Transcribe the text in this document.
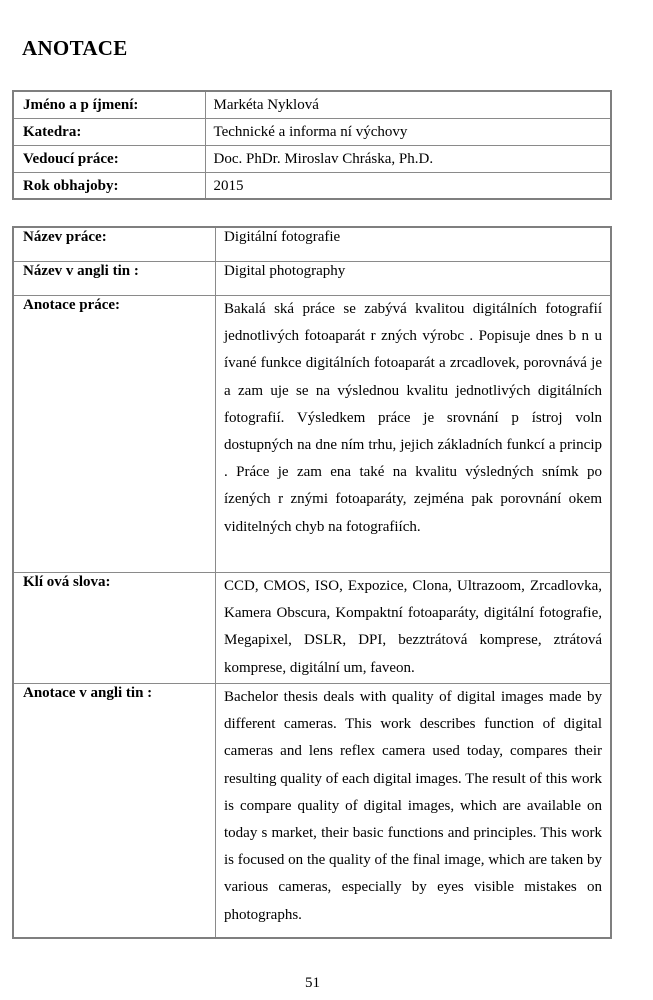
ANOTACE
Jméno a p íjmení:	Markéta Nyklová
Katedra:	Technické a informa ní výchovy
Vedoucí práce:	Doc. PhDr. Miroslav Chráska, Ph.D.
Rok obhajoby:	2015
Název práce:	Digitální fotografie
Název v angli tin :	Digital photography
Anotace práce:	Bakalá ská práce se zabývá kvalitou digitálních fotografií jednotlivých fotoaparát r zných výrobc . Popisuje dnes b n u ívané funkce digitálních fotoaparát a zrcadlovek, porovnává je a zam uje se na výslednou kvalitu jednotlivých digitálních fotografií. Výsledkem práce je srovnání p ístroj voln dostupných na dne ním trhu, jejich základních funkcí a princip . Práce je zam ena také na kvalitu výsledných snímk po ízených r znými fotoaparáty, zejména pak porovnání okem viditelných chyb na fotografiích.
Klí ová slova:	CCD, CMOS, ISO, Expozice, Clona, Ultrazoom, Zrcadlovka, Kamera Obscura, Kompaktní fotoaparáty, digitální fotografie, Megapixel, DSLR, DPI, bezztrátová komprese, ztrátová komprese, digitální um, faveon.
Anotace v angli tin :	Bachelor thesis deals with quality of digital images made by different cameras. This work describes function of digital cameras and lens reflex camera used today, compares their resulting quality of each digital images. The result of this work is compare quality of digital images, which are available on today s market, their basic functions and principles. This work is focused on the quality of the final image, which are taken by various cameras, especially by eyes visible mistakes on photographs.
51
